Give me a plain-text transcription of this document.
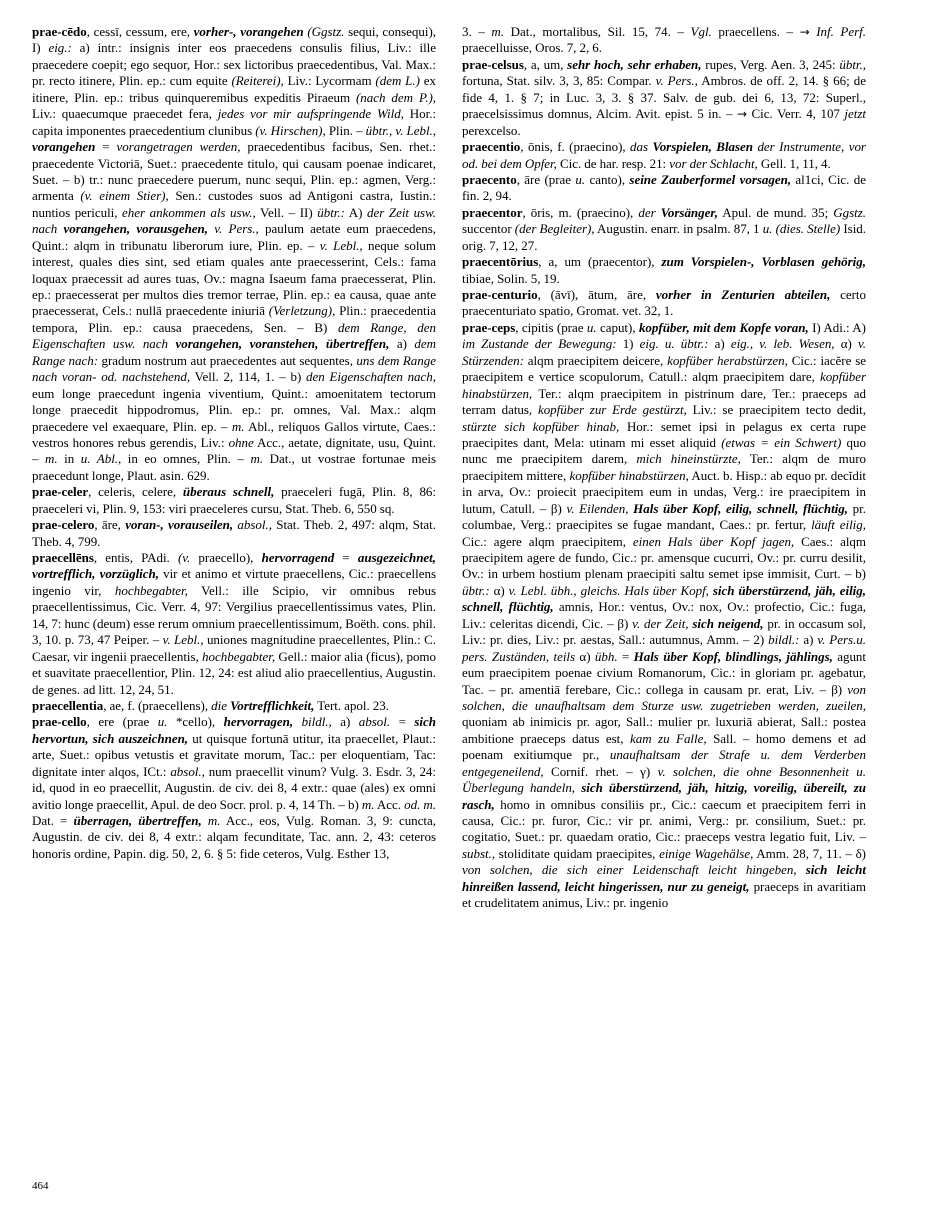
prae-cēdo, cessī, cessum, ere, vorher-, vorangehen (Ggstz. sequi, consequi), I) eig.: a) intr.: insignis inter eos praecedens consulis filius, Liv.: ille praecedere coepit; ego sequor, Hor.: sex lictoribus praecedentibus, Val. Max.: pr. recto itinere, Plin. ep.: cum equite (Reiterei), Liv.: Lycormam (dem L.) ex itinere, Plin. ep.: tribus quinqueremibus expeditis Piraeum (nach dem P.), Liv.: quaecumque praecedet fera, jedes vor mir aufspringende Wild, Hor.: capita imponentes praecedentium clunibus (v. Hirschen), Plin. – übtr., v. Lebl., vorangehen = vorangetragen werden, praecedentibus facibus, Sen. rhet.: praecedente Victoriā, Suet.: praecedente titulo, qui causam poenae indicaret, Suet. – b) tr.: nunc praecedere puerum, nunc sequi, Plin. ep.: agmen, Verg.: armenta (v. einem Stier), Sen.: custodes suos ad Antigoni castra, Iustin.: nuntios periculi, eher ankommen als usw., Vell. – II) übtr.: A) der Zeit usw. nach vorangehen, vorausgehen, v. Pers., paulum aetate eum praecedens, Quint.: alqm in tribunatu liberorum iure, Plin. ep. – v. Lebl., neque solum interest, quales dies sint, sed etiam quales ante praecesserint, Cels.: fama loquax praecessit ad aures tuas, Ov.: magna Isaeum fama praecesserat, Plin. ep.: praecesserat per multos dies tremor terrae, Plin. ep.: ea causa, quae ante praecesserat, Cels.: nullā praecedente iniuriā (Verletzung), Plin.: praecedentia tempora, Plin. ep.: causa praecedens, Sen. – B) dem Range, den Eigenschaften usw. nach vorangehen, voranstehen, übertreffen, a) dem Range nach: gradum nostrum aut praecedentes aut sequentes, uns dem Range nach voran- od. nachstehend, Vell. 2, 114, 1. – b) den Eigenschaften nach, eum longe praecedunt ingenia viventium, Quint.: amoenitatem tectorum longe praecedit hippodromus, Plin. ep.: pr. omnes, Val. Max.: alqm praecedere vel exaequare, Plin. ep. – m. Abl., reliquos Gallos virtute, Caes.: vestros honores rebus gerendis, Liv.: ohne Acc., aetate, dignitate, usu, Quint. – m. in u. Abl., in eo omnes, Plin. – m. Dat., ut vostrae fortunae meis praecedunt longe, Plaut. asin. 629.

prae-celer, celeris, celere, überaus schnell, praeceleri fugā, Plin. 8, 86: praeceleri vi, Plin. 9, 153: viri praeceleres cursu, Stat. Theb. 6, 550 sq.

prae-celero, āre, voran-, vorauseilen, absol., Stat. Theb. 2, 497: alqm, Stat. Theb. 4, 799.

praecellēns, entis, PAdi. (v. praecello), hervorragend = ausgezeichnet, vortrefflich, vorzüglich, vir et animo et virtute praecellens, Cic.: praecellens ingenio vir, hochbegabter, Vell.: ille Scipio, vir omnibus rebus praecellentissimus, Cic. Verr. 4, 97: Vergilius praecellentissimus vates, Plin. 14, 7: hunc (deum) esse rerum omnium praecellentissimum, Boëth. cons. phil. 3, 10. p. 73, 47 Peiper. – v. Lebl., uniones magnitudine praecellentes, Plin.: C. Caesar, vir ingenii praecellentis, hochbegabter, Gell.: maior alia (ficus), pomo et suavitate praecellentior, Plin. 12, 24: est aliud alio praecellentius, Augustin. de genes. ad litt. 12, 24, 51.

praecellentia, ae, f. (praecellens), die Vortrefflichkeit, Tert. apol. 23.

prae-cello, ere (prae u. *cello), hervorragen, bildl., a) absol. = sich hervortun, sich auszeichnen, ut quisque fortunā utitur, ita praecellet, Plaut.: arte, Suet.: opibus vetustis et gravitate morum, Tac.: per eloquentiam, Tac: dignitate inter alqos, ICt.: absol., num praecellit vinum? Vulg. 3. Esdr. 3, 24: id, quod in eo praecellit, Augustin. de civ. dei 8, 4 extr.: quae (ales) ex omni avitio longe praecellit, Apul. de deo Socr. prol. p. 4, 14 Th. – b) m. Acc. od. m. Dat. = überragen, übertreffen, m. Acc., eos, Vulg. Roman. 3, 9: cuncta, Augustin. de civ. dei 8, 4 extr.: alqam fecunditate, Tac. ann. 2, 43: ceteros honoris ordine, Papin. dig. 50, 2, 6. § 5: fide ceteros, Vulg. Esther 13,

3. – m. Dat., mortalibus, Sil. 15, 74. – Vgl. praecellens. – → Inf. Perf. praecelluisse, Oros. 7, 2, 6.

prae-celsus, a, um, sehr hoch, sehr erhaben, rupes, Verg. Aen. 3, 245: übtr., fortuna, Stat. silv. 3, 3, 85: Compar. v. Pers., Ambros. de off. 2, 14. § 66; de fide 4, 1. § 7; in Luc. 3, 3. § 37. Salv. de gub. dei 6, 13, 72: Superl., praecelsissimus domnus, Alcim. Avit. epist. 5 in. – → Cic. Verr. 4, 107 jetzt perexcelso.

praecentio, ōnis, f. (praecino), das Vorspielen, Blasen der Instrumente, vor od. bei dem Opfer, Cic. de har. resp. 21: vor der Schlacht, Gell. 1, 11, 4.

praecento, āre (prae u. canto), seine Zauberformel vorsagen, al1ci, Cic. de fin. 2, 94.

praecentor, ōris, m. (praecino), der Vorsänger, Apul. de mund. 35; Ggstz. succentor (der Begleiter), Augustin. enarr. in psalm. 87, 1 u. (dies. Stelle) Isid. orig. 7, 12, 27.

praecentōrius, a, um (praecentor), zum Vorspielen-, Vorblasen gehörig, tibiae, Solin. 5, 19.

prae-centurio, (āvī), ātum, āre, vorher in Zenturien abteilen, certo praecenturiato spatio, Gromat. vet. 32, 1.

prae-ceps, cipitis (prae u. caput), kopfüber, mit dem Kopfe voran, I) Adi.: A) im Zustande der Bewegung: 1) eig. u. übtr.: a) eig., v. leb. Wesen, α) v. Stürzenden: alqm praecipitem deicere, kopfüber herabstürzen, Cic.: iacĕre se praecipitem e vertice scopulorum, Catull.: alqm praecipitem dare, kopfüber hinabstürzen, Ter.: alqm praecipitem in pistrinum dare, Ter.: praeceps ad terram datus, kopfüber zur Erde gestürzt, Liv.: se praecipitem tecto dedit, stürzte sich kopfüber hinab, Hor.: semet ipsi in pelagus ex certa rupe praecipites dant, Mela: utinam mi esset aliquid (etwas = ein Schwert) quo nunc me praecipitem darem, mich hineinstürzte, Ter.: alqm de muro praecipitem mittere, kopfüber hinabstürzen, Auct. b. Hisp.: ab equo pr. decĭdit in arva, Ov.: proiecit praecipitem eum in undas, Verg.: ire praecipitem in lutum, Catull. – β) v. Eilenden, Hals über Kopf, eilig, schnell, flüchtig, pr. columbae, Verg.: praecipites se fugae mandant, Caes.: pr. fertur, läuft eilig, Cic.: agere alqm praecipitem, einen Hals über Kopf jagen, Caes.: alqm praecipitem agere de fundo, Cic.: pr. amensque cucurri, Ov.: pr. curru desilit, Ov.: in urbem hostium plenam praecipiti saltu semet ipse immisit, Curt. – b) übtr.: α) v. Lebl. übh., gleichs. Hals über Kopf, sich überstürzend, jäh, eilig, schnell, flüchtig, amnis, Hor.: ventus, Ov.: nox, Ov.: profectio, Cic.: fuga, Liv.: celeritas dicendi, Cic. – β) v. der Zeit, sich neigend, pr. in occasum sol, Liv.: pr. dies, Liv.: pr. aestas, Sall.: autumnus, Amm. – 2) bildl.: a) v. Pers.u. pers. Zuständen, teils α) übh. = Hals über Kopf, blindlings, jählings, agunt eum praecipitem poenae civium Romanorum, Cic.: in gloriam pr. agebatur, Tac. – pr. amentiā ferebare, Cic.: collega in causam pr. erat, Liv. – β) von solchen, die unaufhaltsam dem Sturze usw. zugetrieben werden, zueilen, quoniam ab inimicis pr. agor, Sall.: mulier pr. luxuriā abierat, Sall.: postea ambitione praeceps datus est, kam zu Falle, Sall. – homo demens et ad poenam exitiumque pr., unaufhaltsam der Strafe u. dem Verderben entgegeneilend, Cornif. rhet. – γ) v. solchen, die ohne Besonnenheit u. Überlegung handeln, sich überstürzend, jäh, hitzig, voreilig, übereilt, zu rasch, homo in omnibus consiliis pr., Cic.: caecum et praecipitem ferri in causa, Cic.: pr. furor, Cic.: vir pr. animi, Verg.: pr. consilium, Suet.: pr. cogitatio, Suet.: pr. quaedam oratio, Cic.: praeceps vestra legatio fuit, Liv. – subst., stoliditate quidam praecipites, einige Wagehälse, Amm. 28, 7, 11. – δ) von solchen, die sich einer Leidenschaft leicht hingeben, sich leicht hinreißen lassend, leicht hingerissen, nur zu geneigt, praeceps in avaritiam et crudelitatem animus, Liv.: pr. ingenio

464
